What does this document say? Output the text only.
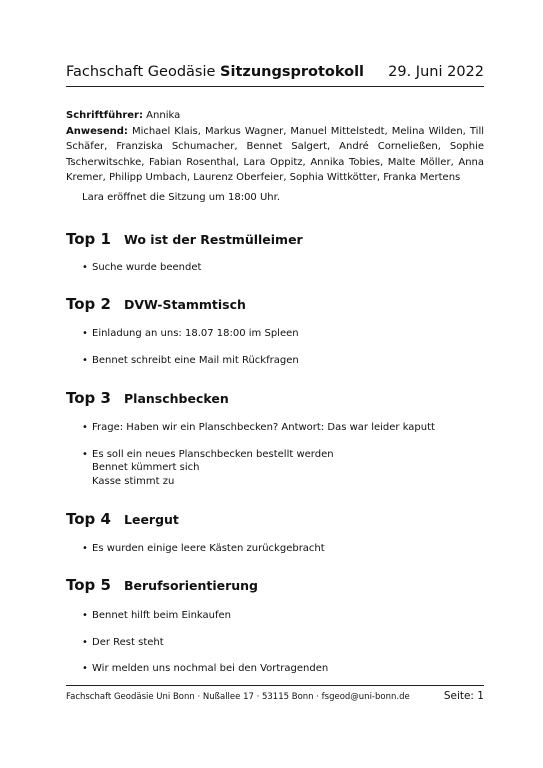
Fachschaft Geodäsie Sitzungsprotokoll 29. Juni 2022
Schriftführer: Annika
Anwesend: Michael Klais, Markus Wagner, Manuel Mittelstedt, Melina Wilden, Till Schäfer, Franziska Schumacher, Bennet Salgert, André Corneließen, Sophie Tscherwitschke, Fabian Rosenthal, Lara Oppitz, Annika Tobies, Malte Möller, Anna Kremer, Philipp Umbach, Laurenz Oberfeier, Sophia Wittkötter, Franka Mertens
Lara eröffnet die Sitzung um 18:00 Uhr.
Top 1	Wo ist der Restmülleimer
• Suche wurde beendet
Top 2	DVW-Stammtisch
• Einladung an uns: 18.07 18:00 im Spleen
• Bennet schreibt eine Mail mit Rückfragen
Top 3	Planschbecken
• Frage: Haben wir ein Planschbecken? Antwort: Das war leider kaputt
• Es soll ein neues Planschbecken bestellt werden
Bennet kümmert sich
Kasse stimmt zu
Top 4	Leergut
• Es wurden einige leere Kästen zurückgebracht
Top 5	Berufsorientierung
• Bennet hilft beim Einkaufen
• Der Rest steht
• Wir melden uns nochmal bei den Vortragenden
Fachschaft Geodäsie Uni Bonn · Nußallee 17 · 53115 Bonn · fsgeod@uni-bonn.de	Seite: 1
